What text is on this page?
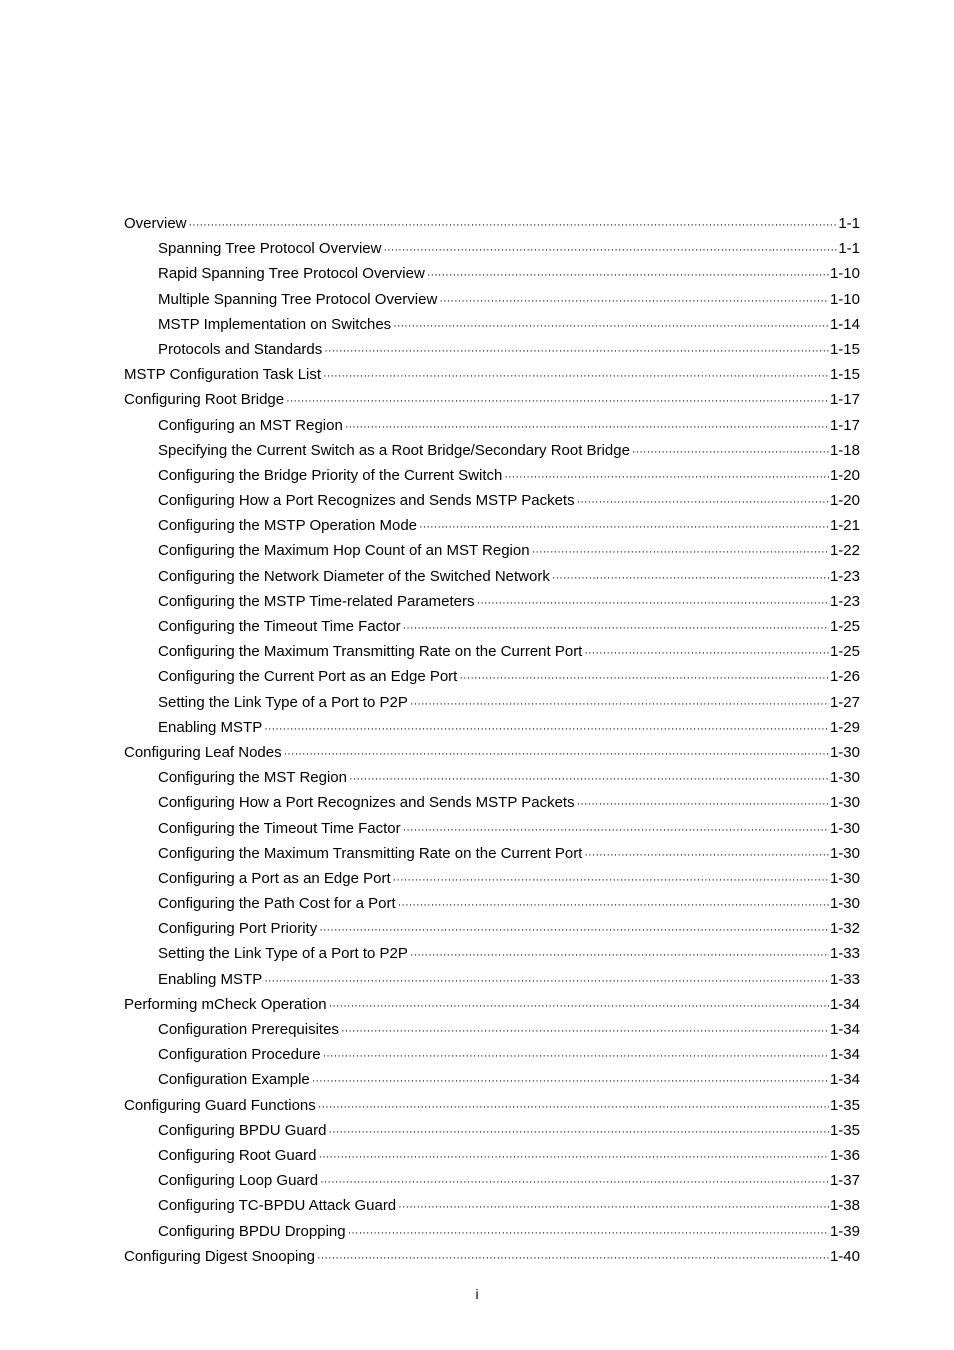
Overview ·····	1-1
Spanning Tree Protocol Overview ·····	1-1
Rapid Spanning Tree Protocol Overview ·····	1-10
Multiple Spanning Tree Protocol Overview ·····	1-10
MSTP Implementation on Switches ·····	1-14
Protocols and Standards ·····	1-15
MSTP Configuration Task List ·····	1-15
Configuring Root Bridge ·····	1-17
Configuring an MST Region ·····	1-17
Specifying the Current Switch as a Root Bridge/Secondary Root Bridge ·····	1-18
Configuring the Bridge Priority of the Current Switch ·····	1-20
Configuring How a Port Recognizes and Sends MSTP Packets ·····	1-20
Configuring the MSTP Operation Mode ·····	1-21
Configuring the Maximum Hop Count of an MST Region ·····	1-22
Configuring the Network Diameter of the Switched Network ·····	1-23
Configuring the MSTP Time-related Parameters ·····	1-23
Configuring the Timeout Time Factor ·····	1-25
Configuring the Maximum Transmitting Rate on the Current Port ·····	1-25
Configuring the Current Port as an Edge Port ·····	1-26
Setting the Link Type of a Port to P2P ·····	1-27
Enabling MSTP ·····	1-29
Configuring Leaf Nodes ·····	1-30
Configuring the MST Region ·····	1-30
Configuring How a Port Recognizes and Sends MSTP Packets ·····	1-30
Configuring the Timeout Time Factor ·····	1-30
Configuring the Maximum Transmitting Rate on the Current Port ·····	1-30
Configuring a Port as an Edge Port ·····	1-30
Configuring the Path Cost for a Port ·····	1-30
Configuring Port Priority ·····	1-32
Setting the Link Type of a Port to P2P ·····	1-33
Enabling MSTP ·····	1-33
Performing mCheck Operation ·····	1-34
Configuration Prerequisites ·····	1-34
Configuration Procedure ·····	1-34
Configuration Example ·····	1-34
Configuring Guard Functions ·····	1-35
Configuring BPDU Guard ·····	1-35
Configuring Root Guard ·····	1-36
Configuring Loop Guard ·····	1-37
Configuring TC-BPDU Attack Guard ·····	1-38
Configuring BPDU Dropping ·····	1-39
Configuring Digest Snooping ·····	1-40
i
